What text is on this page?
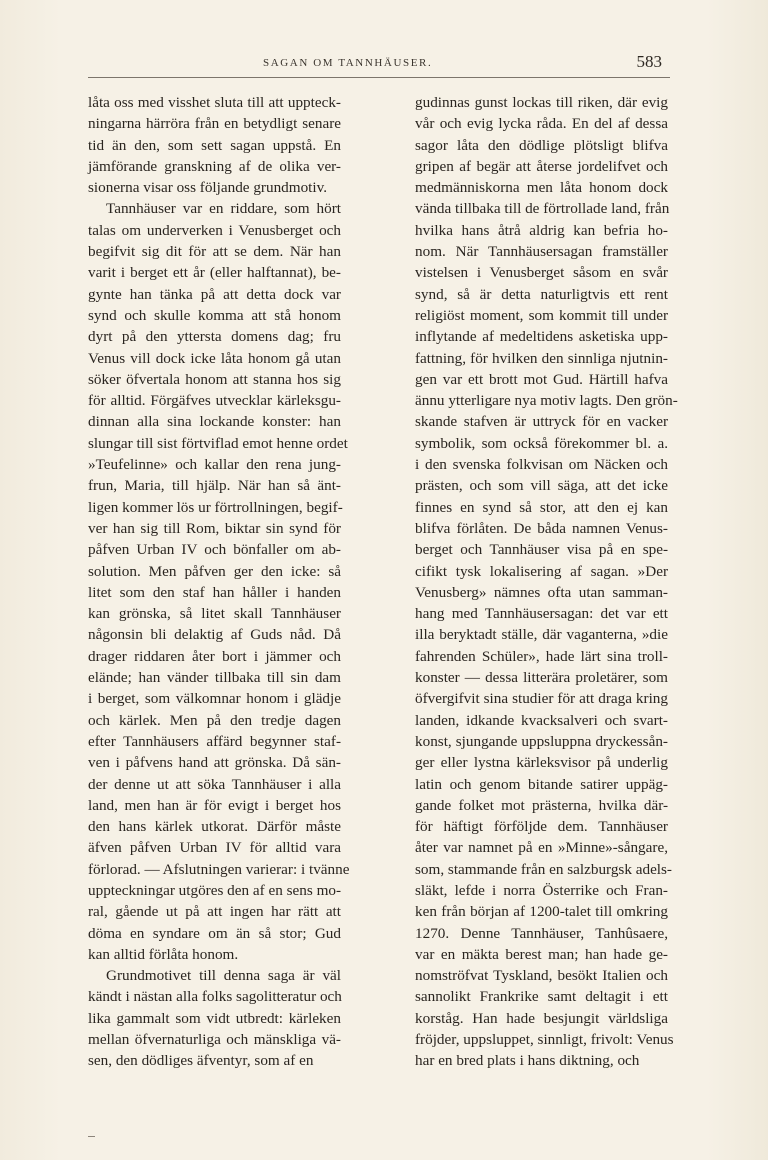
SAGAN OM TANNHÄUSER.	583
låta oss med visshet sluta till att uppteck-
ningarna härröra från en betydligt senare
tid än den, som sett sagan uppstå. En
jämförande granskning af de olika ver-
sionerna visar oss följande grundmotiv.
Tannhäuser var en riddare, som hört
talas om underverken i Venusberget och
begifvit sig dit för att se dem. När han
varit i berget ett år (eller halftannat), be-
gynte han tänka på att detta dock var
synd och skulle komma att stå honom
dyrt på den yttersta domens dag; fru
Venus vill dock icke låta honom gå utan
söker öfvertala honom att stanna hos sig
för alltid. Förgäfves utvecklar kärleksgu-
dinnan alla sina lockande konster: han
slungar till sist förtviflad emot henne ordet
»Teufelinne» och kallar den rena jung-
frun, Maria, till hjälp. När han så änt-
ligen kommer lös ur förtrollningen, begif-
ver han sig till Rom, biktar sin synd för
påfven Urban IV och bönfaller om ab-
solution. Men påfven ger den icke: så
litet som den staf han håller i handen
kan grönska, så litet skall Tannhäuser
någonsin bli delaktig af Guds nåd. Då
drager riddaren åter bort i jämmer och
elände; han vänder tillbaka till sin dam
i berget, som välkomnar honom i glädje
och kärlek. Men på den tredje dagen
efter Tannhäusers affärd begynner staf-
ven i påfvens hand att grönska. Då sän-
der denne ut att söka Tannhäuser i alla
land, men han är för evigt i berget hos
den hans kärlek utkorat. Därför måste
äfven påfven Urban IV för alltid vara
förlorad. — Afslutningen varierar: i tvänne
uppteckningar utgöres den af en sens mo-
ral, gående ut på att ingen har rätt att
döma en syndare om än så stor; Gud
kan alltid förlåta honom.
Grundmotivet till denna saga är väl
kändt i nästan alla folks sagolitteratur och
lika gammalt som vidt utbredt: kärleken
mellan öfvernaturliga och mänskliga vä-
sen, den dödliges äfventyr, som af en
gudinnas gunst lockas till riken, där evig
vår och evig lycka råda. En del af dessa
sagor låta den dödlige plötsligt blifva
gripen af begär att återse jordelifvet och
medmänniskorna men låta honom dock
vända tillbaka till de förtrollade land, från
hvilka hans åtrå aldrig kan befria ho-
nom. När Tannhäusersagan framställer
vistelsen i Venusberget såsom en svår
synd, så är detta naturligtvis ett rent
religiöst moment, som kommit till under
inflytande af medeltidens asketiska upp-
fattning, för hvilken den sinnliga njutnin-
gen var ett brott mot Gud. Härtill hafva
ännu ytterligare nya motiv lagts. Den grön-
skande stafven är uttryck för en vacker
symbolik, som också förekommer bl. a.
i den svenska folkvisan om Näcken och
prästen, och som vill säga, att det icke
finnes en synd så stor, att den ej kan
blifva förlåten. De båda namnen Venus-
berget och Tannhäuser visa på en spe-
cifikt tysk lokalisering af sagan. »Der
Venusberg» nämnes ofta utan samman-
hang med Tannhäusersagan: det var ett
illa beryktadt ställe, där vaganterna, »die
fahrenden Schüler», hade lärt sina troll-
konster — dessa litterära proletärer, som
öfvergifvit sina studier för att draga kring
landen, idkande kvacksalveri och svart-
konst, sjungande uppsluppna dryckessån-
ger eller lystna kärleksvisor på underlig
latin och genom bitande satirer uppäg-
gande folket mot prästerna, hvilka där-
för häftigt förföljde dem. Tannhäuser
åter var namnet på en »Minne»-sångare,
som, stammande från en salzburgsk adels-
släkt, lefde i norra Österrike och Fran-
ken från början af 1200-talet till omkring
1270. Denne Tannhäuser, Tanhûsaere,
var en mäkta berest man; han hade ge-
nomströfvat Tyskland, besökt Italien och
sannolikt Frankrike samt deltagit i ett
korståg. Han hade besjungit världsliga
fröjder, uppsluppet, sinnligt, frivolt: Venus
har en bred plats i hans diktning, och
